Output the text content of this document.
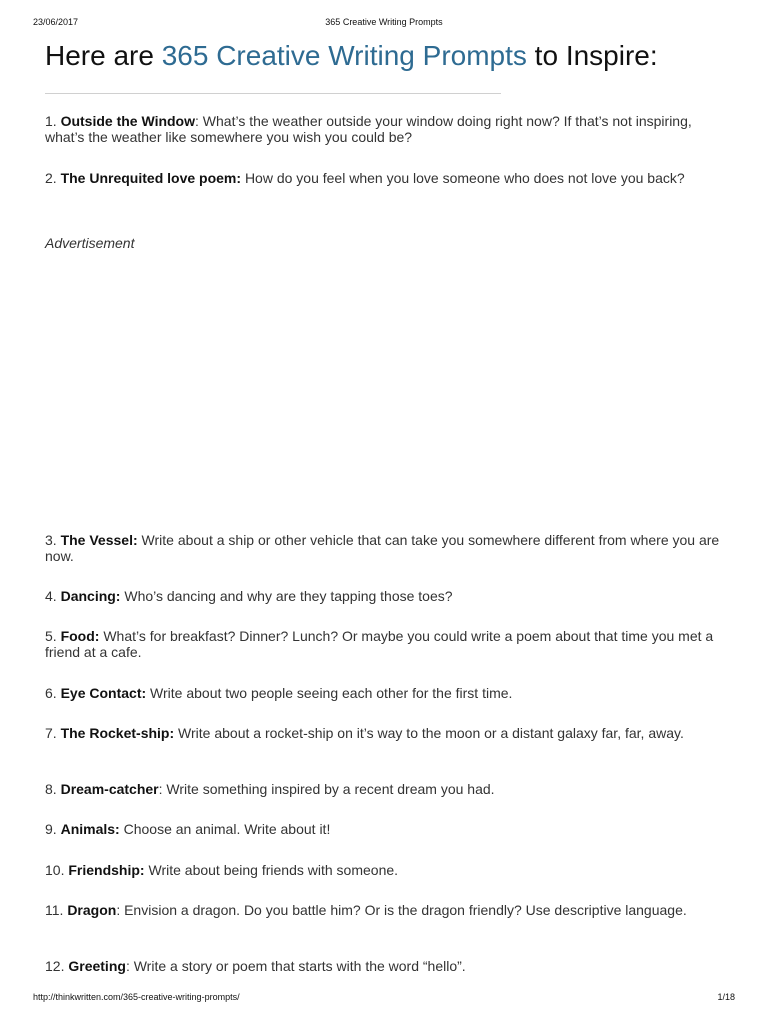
23/06/2017	365 Creative Writing Prompts
Here are 365 Creative Writing Prompts to Inspire:

1. Outside the Window: What’s the weather outside your window doing right now? If that’s not inspiring, what’s the weather like somewhere you wish you could be?

2. The Unrequited love poem: How do you feel when you love someone who does not love you back?

Advertisement

3. The Vessel: Write about a ship or other vehicle that can take you somewhere different from where you are now.

4. Dancing: Who’s dancing and why are they tapping those toes?

5. Food: What’s for breakfast? Dinner? Lunch? Or maybe you could write a poem about that time you met a friend at a cafe.

6. Eye Contact: Write about two people seeing each other for the first time.

7. The Rocket-ship: Write about a rocket-ship on it’s way to the moon or a distant galaxy far, far, away.

8. Dream-catcher: Write something inspired by a recent dream you had.

9. Animals: Choose an animal. Write about it!

10. Friendship: Write about being friends with someone.

11. Dragon: Envision a dragon. Do you battle him? Or is the dragon friendly? Use descriptive language.

12. Greeting: Write a story or poem that starts with the word “hello”.

http://thinkwritten.com/365-creative-writing-prompts/	1/18
